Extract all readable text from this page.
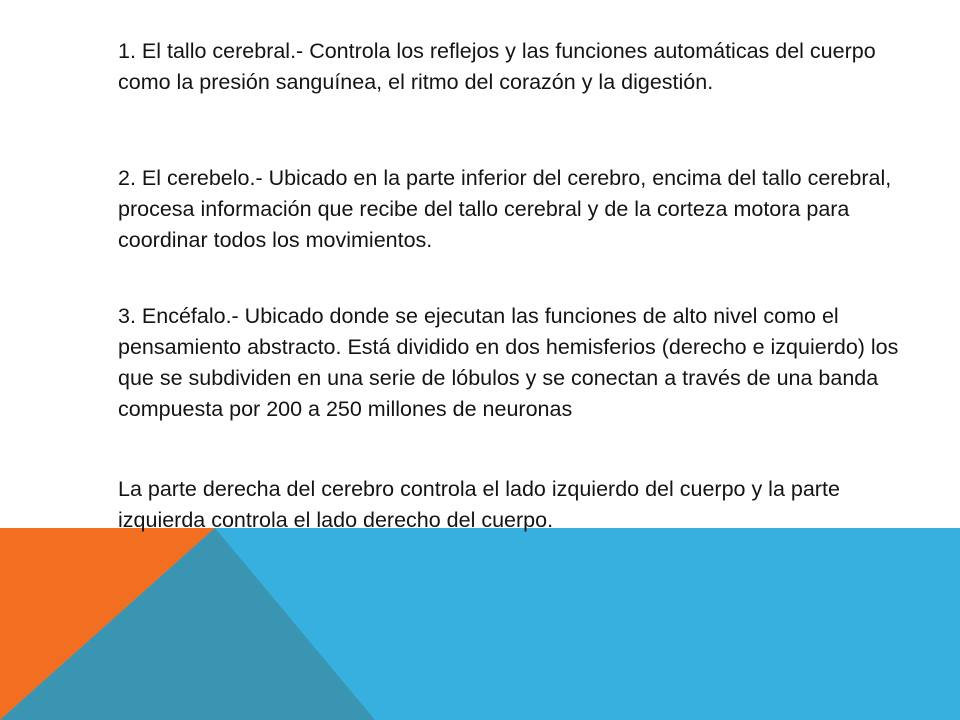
1. El tallo cerebral.- Controla los reflejos y las funciones automáticas del cuerpo como la presión sanguínea, el ritmo del corazón y la digestión.

2. El cerebelo.- Ubicado en la parte inferior del cerebro, encima del tallo cerebral, procesa información que recibe del tallo cerebral y de la corteza motora para coordinar todos los movimientos.

3. Encéfalo.- Ubicado donde se ejecutan las funciones de alto nivel como el pensamiento abstracto. Está dividido en dos hemisferios (derecho e izquierdo) los que se subdividen en una serie de lóbulos y se conectan a través de una banda compuesta por 200 a 250 millones de neuronas

La parte derecha del cerebro controla el lado izquierdo del cuerpo y la parte izquierda controla el lado derecho del cuerpo.
